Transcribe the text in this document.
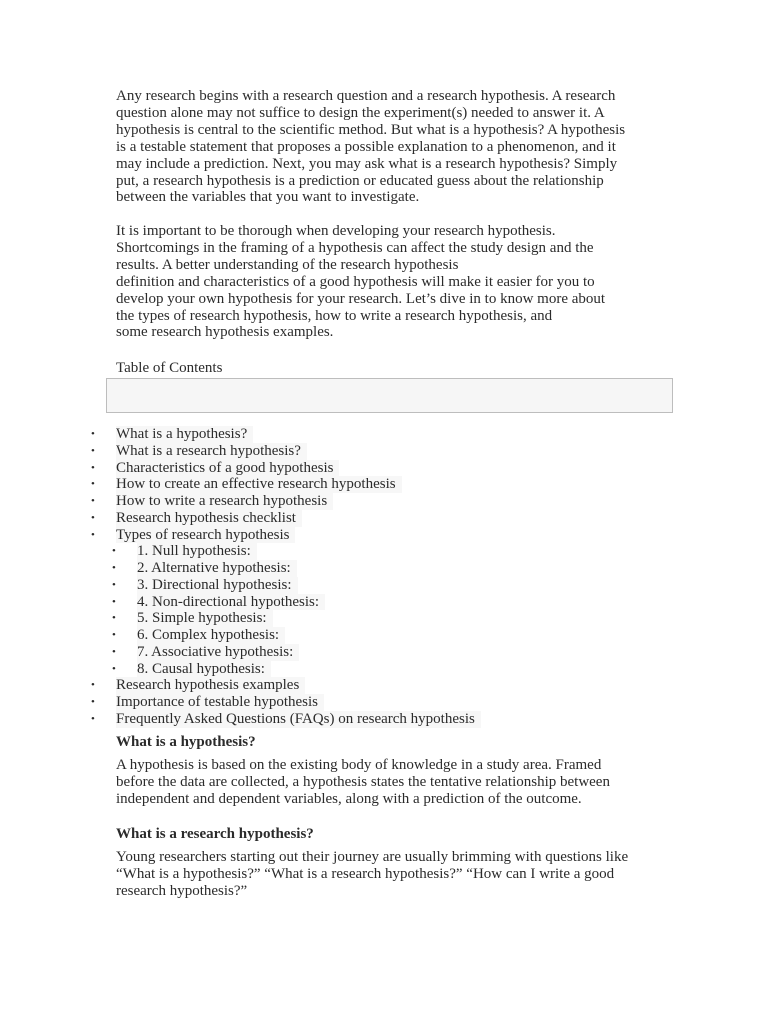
Any research begins with a research question and a research hypothesis. A research
question alone may not suffice to design the experiment(s) needed to answer it. A
hypothesis is central to the scientific method. But what is a hypothesis? A hypothesis
is a testable statement that proposes a possible explanation to a phenomenon, and it
may include a prediction. Next, you may ask what is a research hypothesis? Simply
put, a research hypothesis is a prediction or educated guess about the relationship
between the variables that you want to investigate.

It is important to be thorough when developing your research hypothesis.
Shortcomings in the framing of a hypothesis can affect the study design and the
results. A better understanding of the research hypothesis
definition and characteristics of a good hypothesis will make it easier for you to
develop your own hypothesis for your research. Let’s dive in to know more about
the types of research hypothesis, how to write a research hypothesis, and
some research hypothesis examples.

Table of Contents
• What is a hypothesis?
• What is a research hypothesis?
• Characteristics of a good hypothesis
• How to create an effective research hypothesis
• How to write a research hypothesis
• Research hypothesis checklist
• Types of research hypothesis
• 1. Null hypothesis:
• 2. Alternative hypothesis:
• 3. Directional hypothesis:
• 4. Non-directional hypothesis:
• 5. Simple hypothesis:
• 6. Complex hypothesis:
• 7. Associative hypothesis:
• 8. Causal hypothesis:
• Research hypothesis examples
• Importance of testable hypothesis
• Frequently Asked Questions (FAQs) on research hypothesis
What is a hypothesis?

A hypothesis is based on the existing body of knowledge in a study area. Framed
before the data are collected, a hypothesis states the tentative relationship between
independent and dependent variables, along with a prediction of the outcome.

What is a research hypothesis?

Young researchers starting out their journey are usually brimming with questions like
“What is a hypothesis?” “What is a research hypothesis?” “How can I write a good
research hypothesis?”
